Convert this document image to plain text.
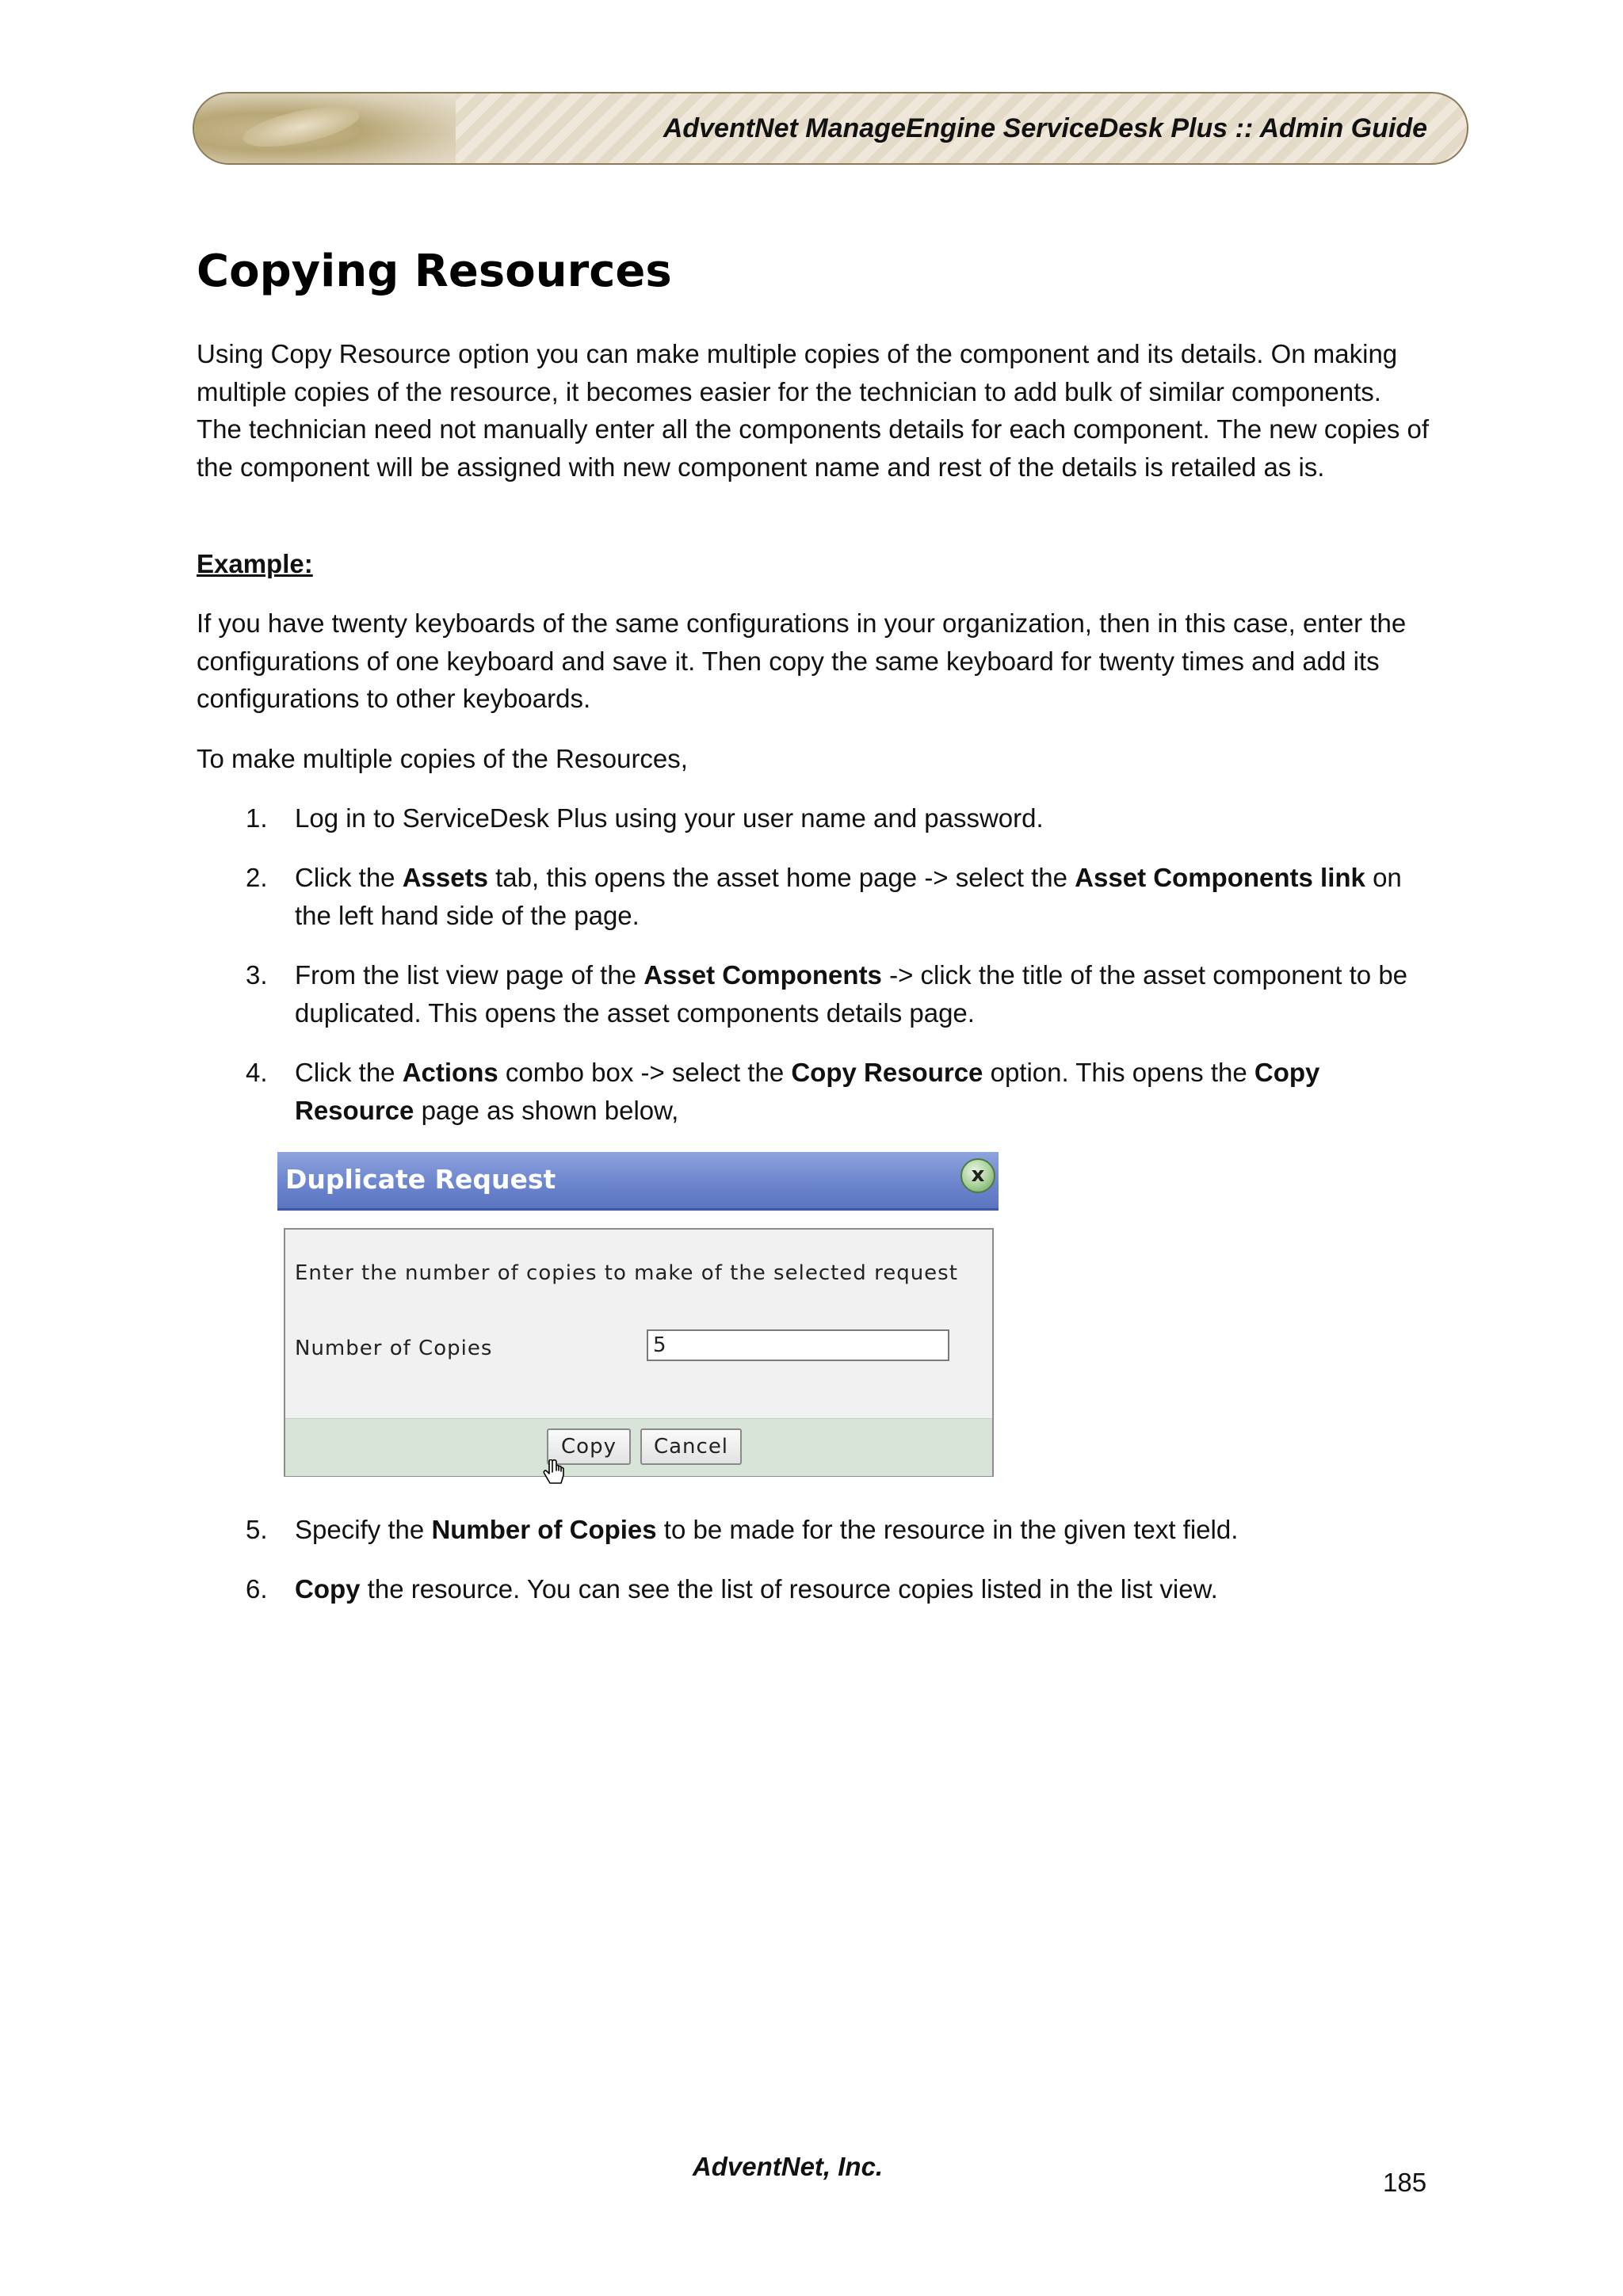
AdventNet ManageEngine ServiceDesk Plus :: Admin Guide
Copying Resources

Using Copy Resource option you can make multiple copies of the component and its details. On making multiple copies of the resource, it becomes easier for the technician to add bulk of similar components. The technician need not manually enter all the components details for each component. The new copies of the component will be assigned with new component name and rest of the details is retailed as is.

Example:

If you have twenty keyboards of the same configurations in your organization, then in this case, enter the configurations of one keyboard and save it. Then copy the same keyboard for twenty times and add its configurations to other keyboards.

To make multiple copies of the Resources,

1. Log in to ServiceDesk Plus using your user name and password.
2. Click the Assets tab, this opens the asset home page -> select the Asset Components link on the left hand side of the page.
3. From the list view page of the Asset Components -> click the title of the asset component to be duplicated. This opens the asset components details page.
4. Click the Actions combo box -> select the Copy Resource option. This opens the Copy Resource page as shown below,
5. Specify the Number of Copies to be made for the resource in the given text field.
6. Copy the resource. You can see the list of resource copies listed in the list view.
Duplicate Request	x
Enter the number of copies to make of the selected request
Number of Copies
5
Copy	Cancel
AdventNet, Inc.
185
